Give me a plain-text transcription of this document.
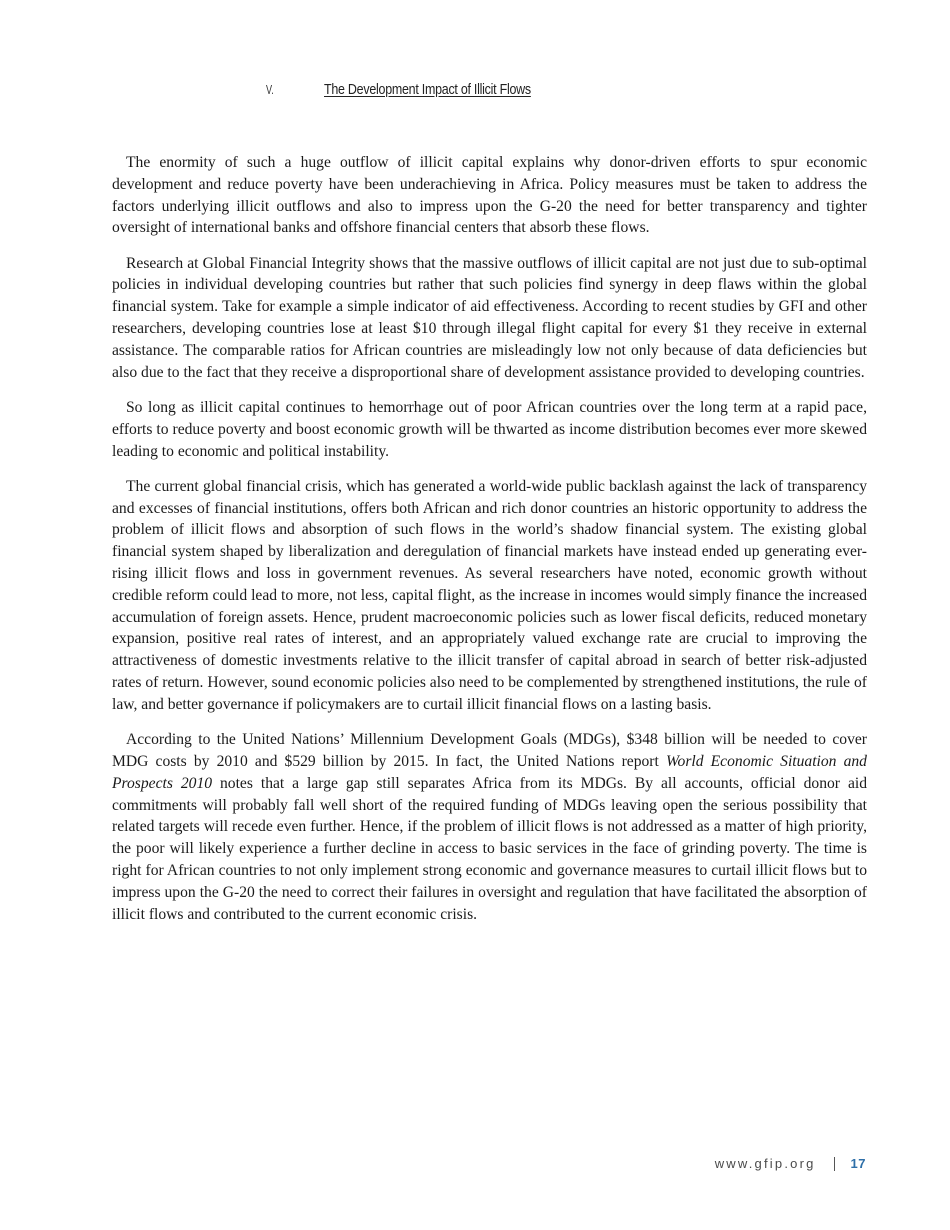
V.	The Development Impact of Illicit Flows

The enormity of such a huge outflow of illicit capital explains why donor-driven efforts to spur economic development and reduce poverty have been underachieving in Africa. Policy measures must be taken to address the factors underlying illicit outflows and also to impress upon the G-20 the need for better transparency and tighter oversight of international banks and offshore financial centers that absorb these flows.

Research at Global Financial Integrity shows that the massive outflows of illicit capital are not just due to sub-optimal policies in individual developing countries but rather that such policies find synergy in deep flaws within the global financial system. Take for example a simple indicator of aid effectiveness. According to recent studies by GFI and other researchers, developing countries lose at least $10 through illegal flight capital for every $1 they receive in external assistance. The comparable ratios for African countries are misleadingly low not only because of data deficiencies but also due to the fact that they receive a disproportional share of development assistance provided to developing countries.

So long as illicit capital continues to hemorrhage out of poor African countries over the long term at a rapid pace, efforts to reduce poverty and boost economic growth will be thwarted as income distribution becomes ever more skewed leading to economic and political instability.

The current global financial crisis, which has generated a world-wide public backlash against the lack of transparency and excesses of financial institutions, offers both African and rich donor countries an historic opportunity to address the problem of illicit flows and absorption of such flows in the world’s shadow financial system. The existing global financial system shaped by liberalization and deregulation of financial markets have instead ended up generating ever-rising illicit flows and loss in government revenues. As several researchers have noted, economic growth without credible reform could lead to more, not less, capital flight, as the increase in incomes would simply finance the increased accumulation of foreign assets. Hence, prudent macroeconomic policies such as lower fiscal deficits, reduced monetary expansion, positive real rates of interest, and an appropriately valued exchange rate are crucial to improving the attractiveness of domestic investments relative to the illicit transfer of capital abroad in search of better risk-adjusted rates of return. However, sound economic policies also need to be complemented by strengthened institutions, the rule of law, and better governance if policymakers are to curtail illicit financial flows on a lasting basis.

According to the United Nations’ Millennium Development Goals (MDGs), $348 billion will be needed to cover MDG costs by 2010 and $529 billion by 2015. In fact, the United Nations report World Economic Situation and Prospects 2010 notes that a large gap still separates Africa from its MDGs. By all accounts, official donor aid commitments will probably fall well short of the required funding of MDGs leaving open the serious possibility that related targets will recede even further. Hence, if the problem of illicit flows is not addressed as a matter of high priority, the poor will likely experience a further decline in access to basic services in the face of grinding poverty. The time is right for African countries to not only implement strong economic and governance measures to curtail illicit flows but to impress upon the G-20 the need to correct their failures in oversight and regulation that have facilitated the absorption of illicit flows and contributed to the current economic crisis.

www.gfip.org	17
